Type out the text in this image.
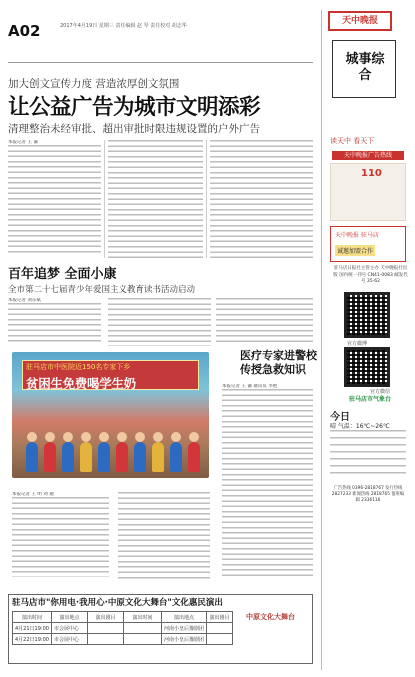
A02	2017年4月19日 星期三 责任编辑 赵 琴 责任校对 胡志华
加大创文宣传力度 营造浓厚创文氛围
让公益广告为城市文明添彩
清理整治未经审批、超出审批时限违规设置的户外广告
本报记者 王 谦
百年追梦 全面小康
全市第二十七届青少年爱国主义教育读书活动启动
本报记者 刘东斌
驻马店市中医院近150名专家下乡
贫困生免费喝学生奶
本报记者 王 明 刘 通
医疗专家进警校
传授急救知识
本报记者 王 谦 通讯员 李艳
驻马店市"你用电·我用心·中原文化大舞台"文化惠民演出
演出时间	演出地点	演出剧目	演出时间	演出地点	演出剧目
4月21日19:00	市会展中心			河南小皇后豫剧团	
4月22日19:00	市会展中心			河南小皇后豫剧团	
中原文化大舞台
天中晚报
城事综合
读天中 看天下
天中晚报广告热线
110
天中晚报 驻马店
诚邀加盟合作
驻马店日报社主管主办 天中晚报社出版 国内统一刊号 CN41-0083 邮发代号 35-62
官方微博
官方微信
驻马店市气象台
今日
晴 气温：16℃~26℃
广告热线 0396-2818767 发行热线 2827233 新闻热线 2818765 值班编辑 2336116
